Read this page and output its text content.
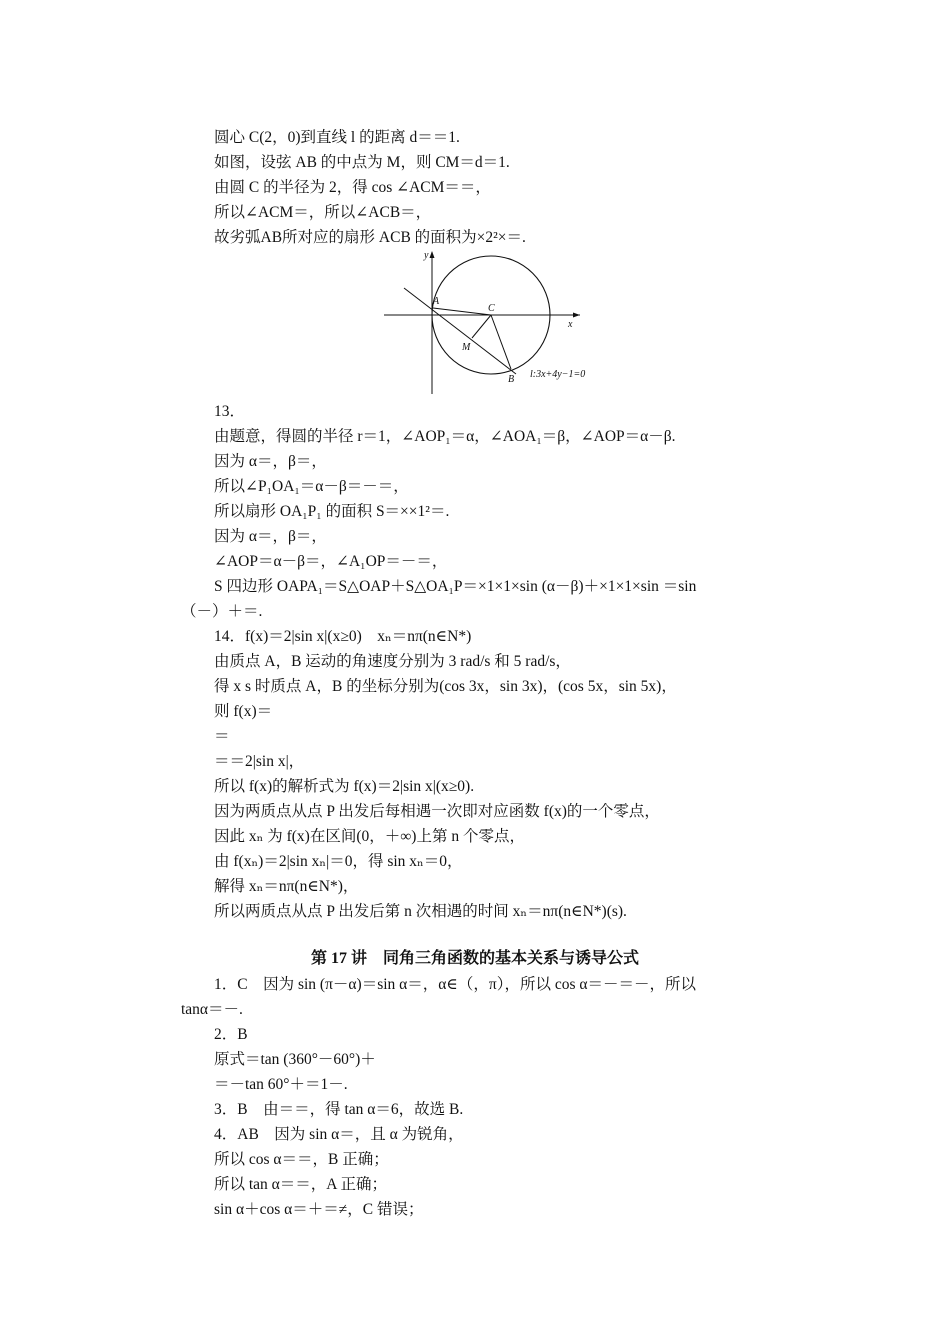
圆心 C(2，0)到直线 l 的距离 d＝＝1.
如图，设弦 AB 的中点为 M，则 CM＝d＝1.
由圆 C 的半径为 2，得 cos ∠ACM＝＝，
所以∠ACM＝，所以∠ACB＝，
故劣弧AB所对应的扇形 ACB 的面积为×2²×＝.
y
x
A
C
M
B l:3x+4y−1=0
13．
由题意，得圆的半径 r＝1，∠AOP₁＝α，∠AOA₁＝β，∠AOP＝α－β.
因为 α＝，β＝，
所以∠P₁OA₁＝α－β＝－＝，
所以扇形 OA₁P₁ 的面积 S＝××1²＝.
因为 α＝，β＝，
∠AOP＝α－β＝，∠A₁OP＝－＝，
S 四边形 OAPA₁＝S△OAP＋S△OA₁P＝×1×1×sin (α－β)＋×1×1×sin ＝sin
（－）＋＝.
14．f(x)＝2|sin x|(x≥0)　xₙ＝nπ(n∈N*)
由质点 A，B 运动的角速度分别为 3 rad/s 和 5 rad/s，
得 x s 时质点 A，B 的坐标分别为(cos 3x，sin 3x)，(cos 5x，sin 5x)，
则 f(x)＝
＝
＝＝2|sin x|，
所以 f(x)的解析式为 f(x)＝2|sin x|(x≥0).
因为两质点从点 P 出发后每相遇一次即对应函数 f(x)的一个零点，
因此 xₙ 为 f(x)在区间(0，＋∞)上第 n 个零点，
由 f(xₙ)＝2|sin xₙ|＝0，得 sin xₙ＝0，
解得 xₙ＝nπ(n∈N*)，
所以两质点从点 P 出发后第 n 次相遇的时间 xₙ＝nπ(n∈N*)(s).
第 17 讲　同角三角函数的基本关系与诱导公式
1．C　因为 sin (π－α)＝sin α＝，α∈（，π），所以 cos α＝－＝－，所以
tanα＝－.
2．B
原式＝tan (360°－60°)＋
＝－tan 60°＋＝1－.
3．B　由＝＝，得 tan α＝6，故选 B.
4．AB　因为 sin α＝，且 α 为锐角，
所以 cos α＝＝，B 正确；
所以 tan α＝＝，A 正确；
sin α＋cos α＝＋＝≠，C 错误；
